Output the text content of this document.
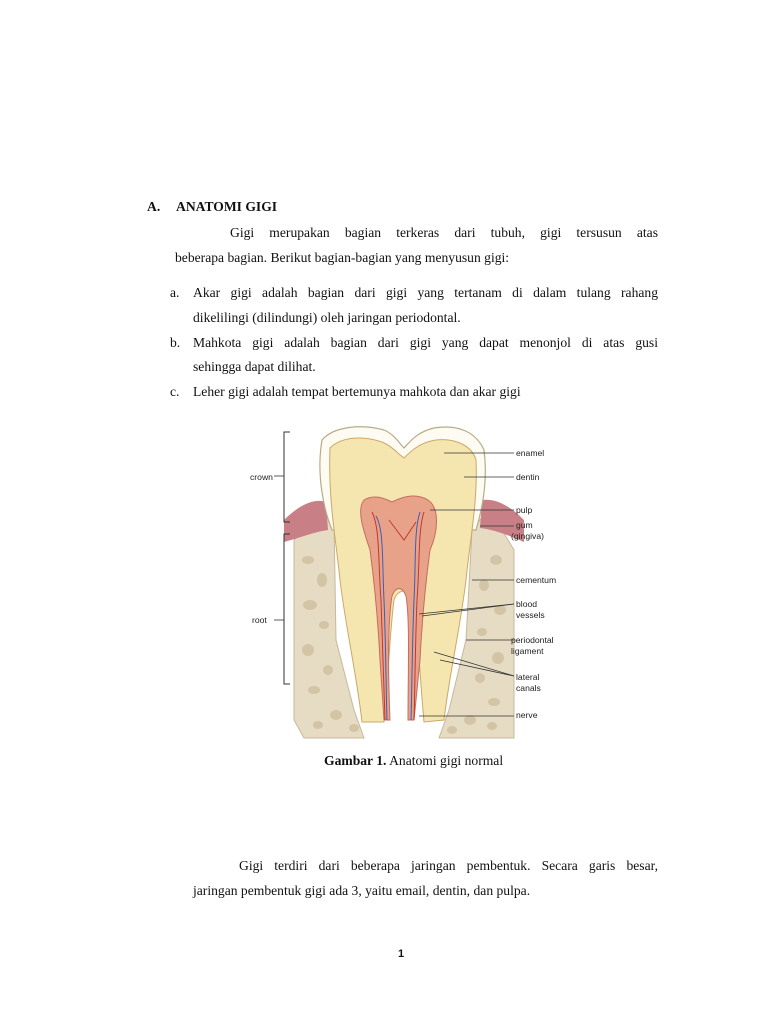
A. ANATOMI GIGI
Gigi merupakan bagian terkeras dari tubuh, gigi tersusun atas
beberapa bagian. Berikut bagian-bagian yang menyusun gigi:
a. Akar gigi adalah bagian dari gigi yang tertanam di dalam tulang rahang
dikelilingi (dilindungi) oleh jaringan periodontal.
b. Mahkota gigi adalah bagian dari gigi yang dapat menonjol di atas gusi
sehingga dapat dilihat.
c. Leher gigi adalah tempat bertemunya mahkota dan akar gigi
crown
root
enamel
dentin
pulp
gum
(gingiva)
cementum
blood
vessels
periodontal
ligament
lateral
canals
nerve
Gambar 1. Anatomi gigi normal
Gigi terdiri dari beberapa jaringan pembentuk. Secara garis besar,
jaringan pembentuk gigi ada 3, yaitu email, dentin, dan pulpa.
1
